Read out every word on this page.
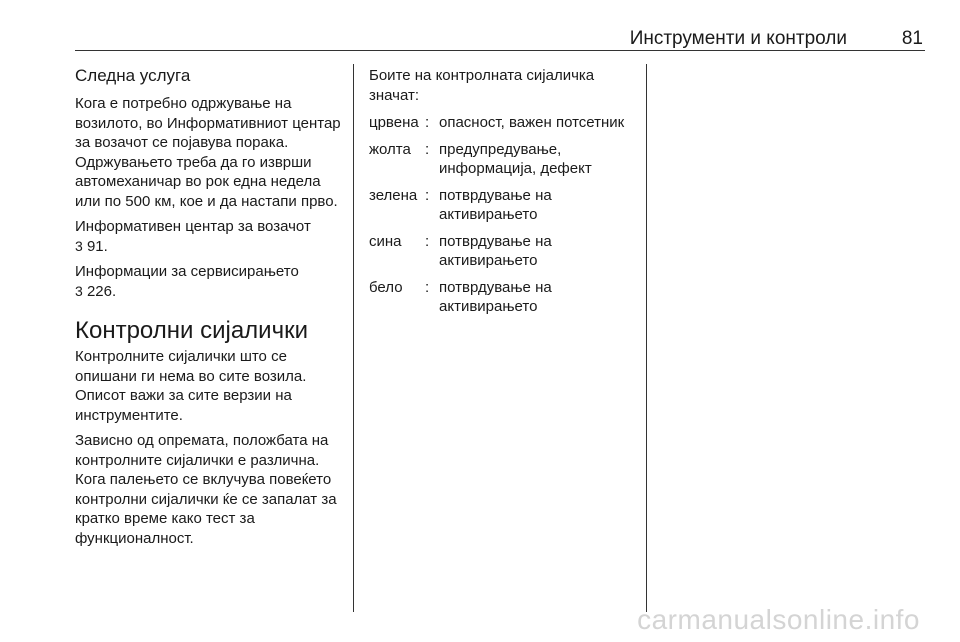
Инструменти и контроли	81
Следна услуга

Кога е потребно одржување на возилото, во Информативниот центар за возачот се појавува порака. Одржувањето треба да го изврши автомеханичар во рок една недела или по 500 км, кое и да настапи прво.

Информативен центар за возачот
3 91.

Информации за сервисирањето
3 226.

Контролни сијалички

Контролните сијалички што се опишани ги нема во сите возила. Описот важи за сите верзии на инструментите.

Зависно од опремата, положбата на контролните сијалички е различна. Кога палењето се вклучува повеќето контролни сијалички ќе се запалат за кратко време како тест за функционалност.

Боите на контролната сијаличка значат:

црвена	:	опасност, важен потсетник
жолта	:	предупредување, информација, дефект
зелена	:	потврдување на активирањето
сина	:	потврдување на активирањето
бело	:	потврдување на активирањето
carmanualsonline.info
